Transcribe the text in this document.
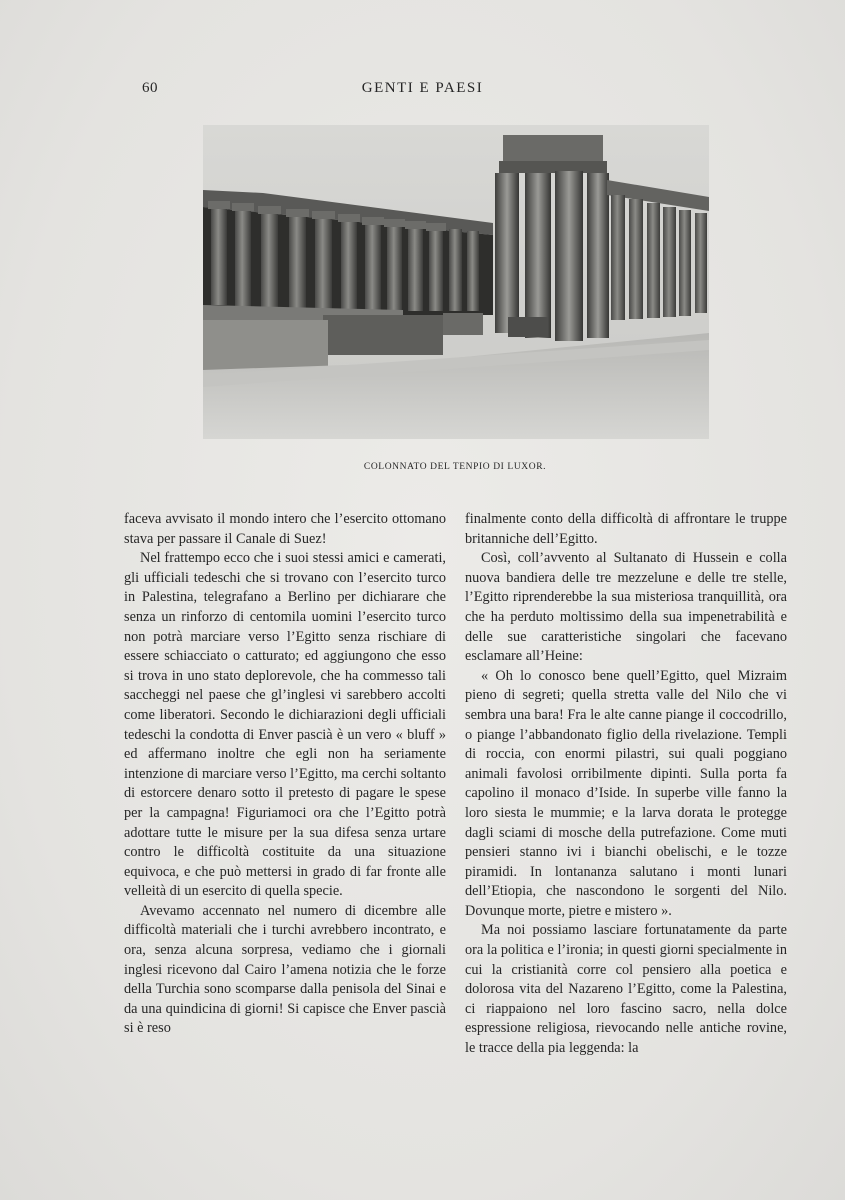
60	GENTI E PAESI
COLONNATO DEL TENPIO DI LUXOR.

faceva avvisato il mondo intero che l’esercito ottomano stava per passare il Canale di Suez!

Nel frattempo ecco che i suoi stessi amici e camerati, gli ufficiali tedeschi che si trovano con l’esercito turco in Palestina, telegrafano a Berlino per dichiarare che senza un rinforzo di centomila uomini l’esercito turco non potrà marciare verso l’Egitto senza rischiare di essere schiacciato o catturato; ed aggiungono che esso si trova in uno stato deplorevole, che ha commesso tali saccheggi nel paese che gl’inglesi vi sarebbero accolti come liberatori. Secondo le dichiarazioni degli ufficiali tedeschi la condotta di Enver pascià è un vero « bluff » ed affermano inoltre che egli non ha seriamente intenzione di marciare verso l’Egitto, ma cerchi soltanto di estorcere denaro sotto il pretesto di pagare le spese per la campagna! Figuriamoci ora che l’Egitto potrà adottare tutte le misure per la sua difesa senza urtare contro le difficoltà costituite da una situazione equivoca, e che può mettersi in grado di far fronte alle velleità di un esercito di quella specie.

Avevamo accennato nel numero di dicembre alle difficoltà materiali che i turchi avrebbero incontrato, e ora, senza alcuna sorpresa, vediamo che i giornali inglesi ricevono dal Cairo l’amena notizia che le forze della Turchia sono scomparse dalla penisola del Sinai e da una quindicina di giorni! Si capisce che Enver pascià si è reso

finalmente conto della difficoltà di affrontare le truppe britanniche dell’Egitto.

Così, coll’avvento al Sultanato di Hussein e colla nuova bandiera delle tre mezzelune e delle tre stelle, l’Egitto riprenderebbe la sua misteriosa tranquillità, ora che ha perduto moltissimo della sua impenetrabilità e delle sue caratteristiche singolari che facevano esclamare all’Heine:

« Oh lo conosco bene quell’Egitto, quel Mizraim pieno di segreti; quella stretta valle del Nilo che vi sembra una bara! Fra le alte canne piange il coccodrillo, o piange l’abbandonato figlio della rivelazione. Templi di roccia, con enormi pilastri, sui quali poggiano animali favolosi orribilmente dipinti. Sulla porta fa capolino il monaco d’Iside. In superbe ville fanno la loro siesta le mummie; e la larva dorata le protegge dagli sciami di mosche della putrefazione. Come muti pensieri stanno ivi i bianchi obelischi, e le tozze piramidi. In lontananza salutano i monti lunari dell’Etiopia, che nascondono le sorgenti del Nilo. Dovunque morte, pietre e mistero ».

Ma noi possiamo lasciare fortunatamente da parte ora la politica e l’ironia; in questi giorni specialmente in cui la cristianità corre col pensiero alla poetica e dolorosa vita del Nazareno l’Egitto, come la Palestina, ci riappaiono nel loro fascino sacro, nella dolce espressione religiosa, rievocando nelle antiche rovine, le tracce della pia leggenda: la
